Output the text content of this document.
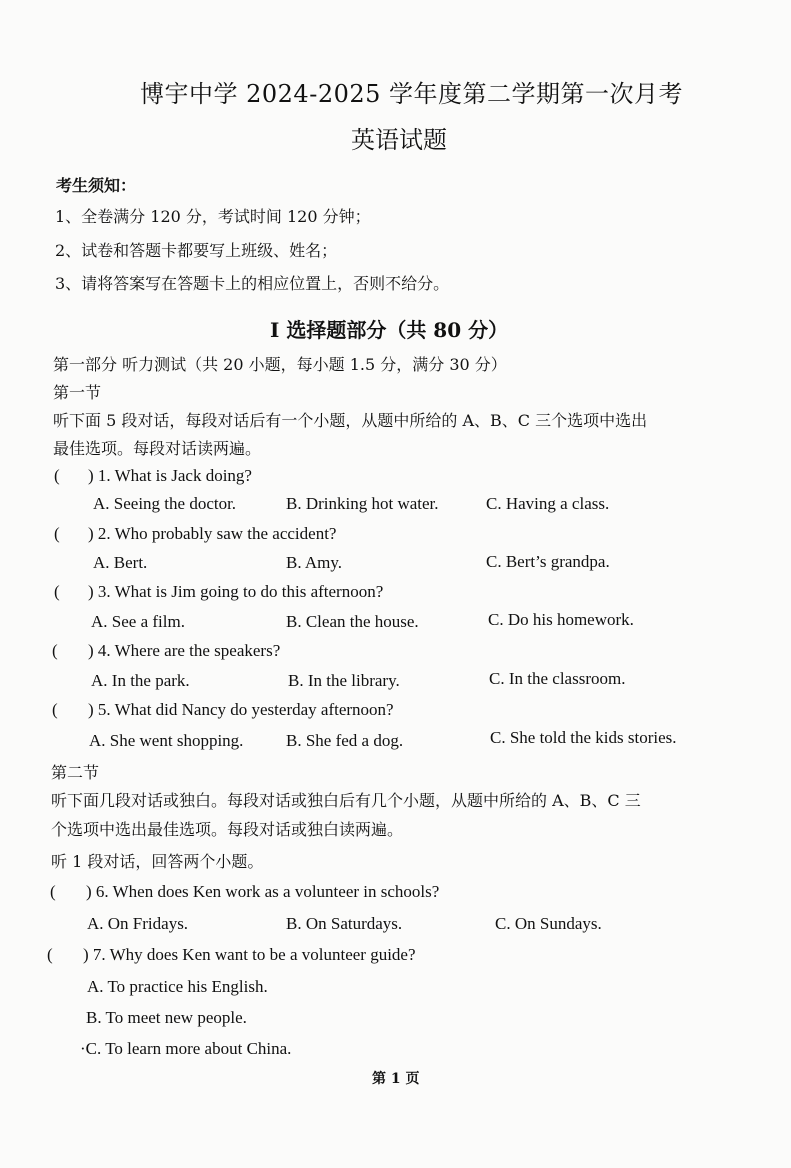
博宇中学 2024-2025 学年度第二学期第一次月考
英语试题
考生须知：
1、全卷满分 120 分，考试时间 120 分钟；
2、试卷和答题卡都要写上班级、姓名；
3、请将答案写在答题卡上的相应位置上，否则不给分。
I 选择题部分（共 80 分）
第一部分 听力测试（共 20 小题，每小题 1.5 分，满分 30 分）
第一节
听下面 5 段对话，每段对话后有一个小题，从题中所给的 A、B、C 三个选项中选出
最佳选项。每段对话读两遍。
( ) 1. What is Jack doing?
A. Seeing the doctor.	B. Drinking hot water.	C. Having a class.
( ) 2. Who probably saw the accident?
A. Bert.	B. Amy.	C. Bert’s grandpa.
( ) 3. What is Jim going to do this afternoon?
A. See a film.	B. Clean the house.	C. Do his homework.
( ) 4. Where are the speakers?
A. In the park.	B. In the library.	C. In the classroom.
( ) 5. What did Nancy do yesterday afternoon?
A. She went shopping.	B. She fed a dog.	C. She told the kids stories.
第二节
听下面几段对话或独白。每段对话或独白后有几个小题，从题中所给的 A、B、C 三
个选项中选出最佳选项。每段对话或独白读两遍。
听 1 段对话，回答两个小题。
( ) 6. When does Ken work as a volunteer in schools?
A. On Fridays.	B. On Saturdays.	C. On Sundays.
( ) 7. Why does Ken want to be a volunteer guide?
A. To practice his English.
B. To meet new people.
·C. To learn more about China.
第 1 页
